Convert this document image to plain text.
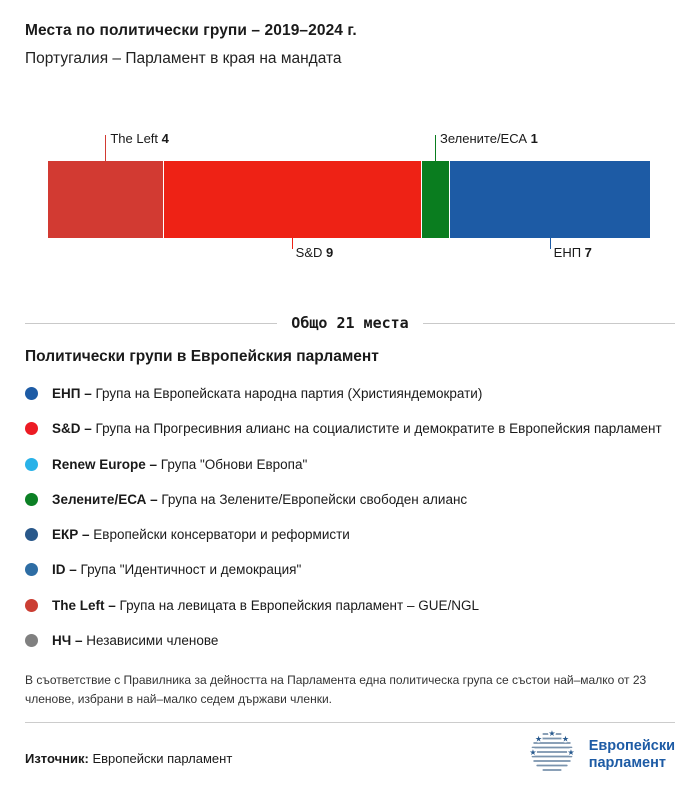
Места по политически групи – 2019–2024 г.
Португалия – Парламент в края на мандата
The Left 4	Зелените/ЕСА 1
S&D 9	ЕНП 7
Общо 21 места
Политически групи в Европейския парламент
ЕНП – Група на Европейската народна партия (Християндемократи)
S&D – Група на Прогресивния алианс на социалистите и демократите в Европейския парламент
Renew Europe – Група "Обнови Европа"
Зелените/ЕСА – Група на Зелените/Европейски свободен алианс
ЕКР – Европейски консерватори и реформисти
ID – Група "Идентичност и демокрация"
The Left – Група на левицата в Европейския парламент – GUE/NGL
НЧ – Независими членове

В съответствие с Правилника за дейността на Парламента една политическа група се състои най–малко от 23 членове, избрани в най–малко седем държави членки.

Източник: Европейски парламент	★
★
★
★
★ Европейски
парламент
